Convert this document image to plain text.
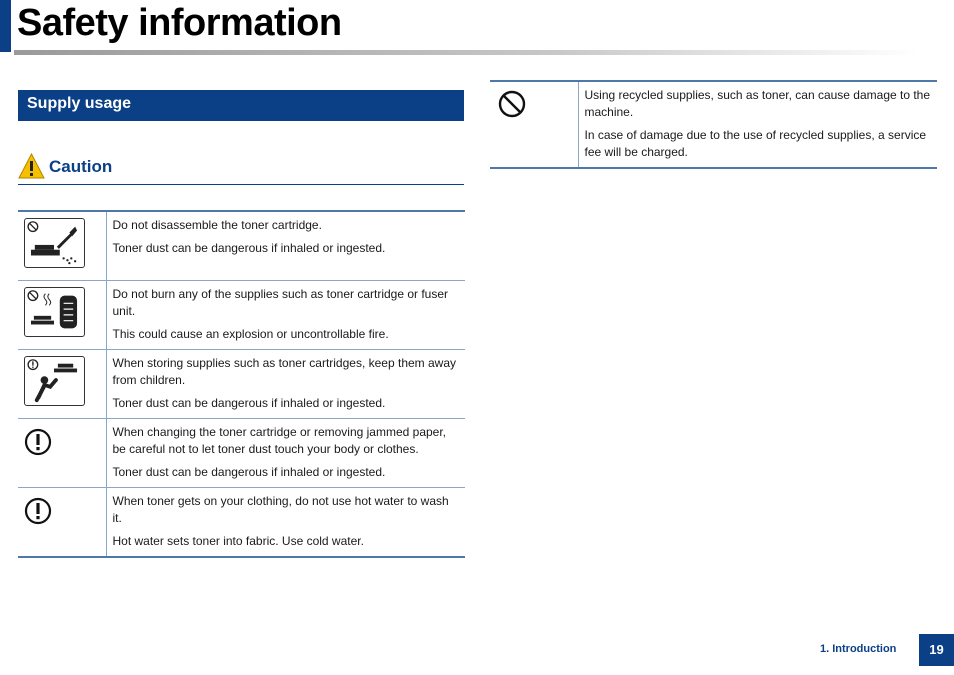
Safety information
Supply usage
Caution

Do not disassemble the toner cartridge.

Toner dust can be dangerous if inhaled or ingested.

Do not burn any of the supplies such as toner cartridge or fuser unit.

This could cause an explosion or uncontrollable fire.

When storing supplies such as toner cartridges, keep them away from children.

Toner dust can be dangerous if inhaled or ingested.

When changing the toner cartridge or removing jammed paper, be careful not to let toner dust touch your body or clothes.

Toner dust can be dangerous if inhaled or ingested.

When toner gets on your clothing, do not use hot water to wash it.

Hot water sets toner into fabric. Use cold water.

Using recycled supplies, such as toner, can cause damage to the machine.

In case of damage due to the use of recycled supplies, a service fee will be charged.

1. Introduction	19
